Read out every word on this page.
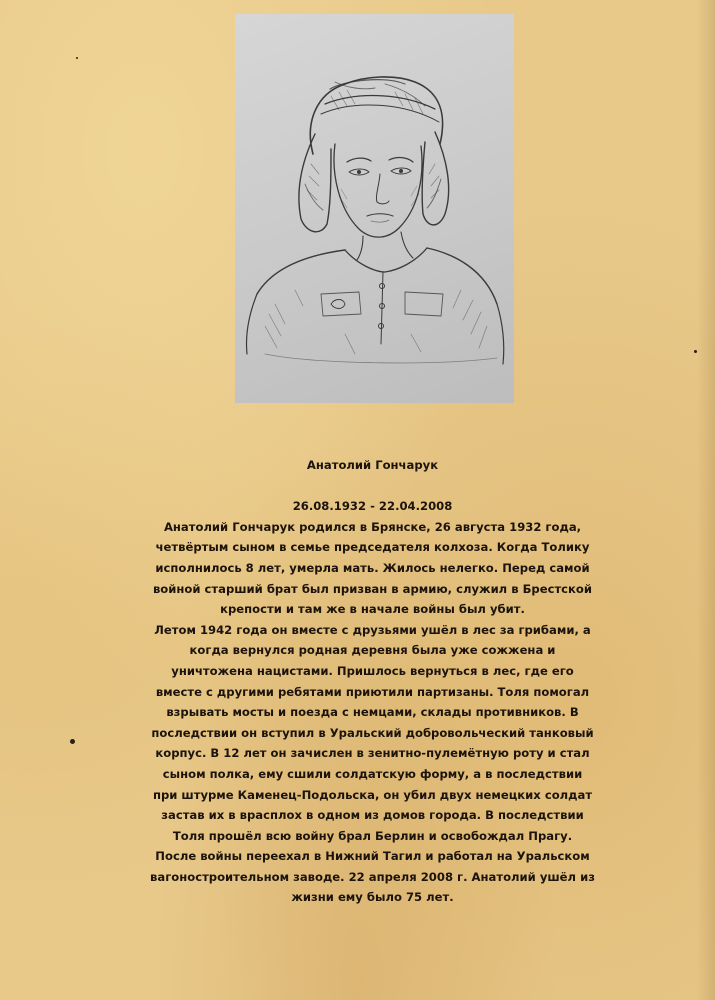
Анатолий Гончарук

26.08.1932 - 22.04.2008

Анатолий Гончарук родился в Брянске, 26 августа 1932 года, четвёртым сыном в семье председателя колхоза. Когда Толику исполнилось 8 лет, умерла мать. Жилось нелегко. Перед самой войной старший брат был призван в армию, служил в Брестской крепости и там же в начале войны был убит.

Летом 1942 года он вместе с друзьями ушёл в лес за грибами, а когда вернулся родная деревня была уже сожжена и уничтожена нацистами. Пришлось вернуться в лес, где его вместе с другими ребятами приютили партизаны. Толя помогал взрывать мосты и поезда с немцами, склады противников. В последствии он вступил в Уральский добровольческий танковый корпус. В 12 лет он зачислен в зенитно-пулемётную роту и стал сыном полка, ему сшили солдатскую форму, а в последствии при штурме Каменец-Подольска, он убил двух немецких солдат застав их в врасплох в одном из домов города. В последствии Толя прошёл всю войну брал Берлин и освобождал Прагу.

После войны переехал в Нижний Тагил и работал на Уральском вагоностроительном заводе. 22 апреля 2008 г. Анатолий ушёл из жизни ему было 75 лет.
